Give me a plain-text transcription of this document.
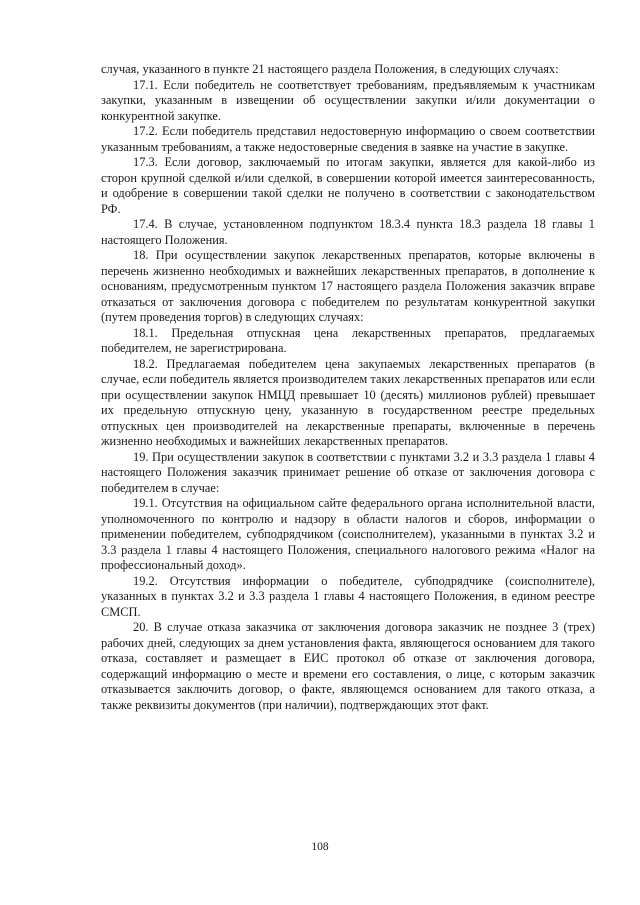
случая, указанного в пункте 21 настоящего раздела Положения, в следующих случаях:

17.1. Если победитель не соответствует требованиям, предъявляемым к участникам закупки, указанным в извещении об осуществлении закупки и/или документации о конкурентной закупке.

17.2. Если победитель представил недостоверную информацию о своем соответствии указанным требованиям, а также недостоверные сведения в заявке на участие в закупке.

17.3. Если договор, заключаемый по итогам закупки, является для какой-либо из сторон крупной сделкой и/или сделкой, в совершении которой имеется заинтересованность, и одобрение в совершении такой сделки не получено в соответствии с законодательством РФ.

17.4. В случае, установленном подпунктом 18.3.4 пункта 18.3 раздела 18 главы 1 настоящего Положения.

18. При осуществлении закупок лекарственных препаратов, которые включены в перечень жизненно необходимых и важнейших лекарственных препаратов, в дополнение к основаниям, предусмотренным пунктом 17 настоящего раздела Положения заказчик вправе отказаться от заключения договора с победителем по результатам конкурентной закупки (путем проведения торгов) в следующих случаях:

18.1. Предельная отпускная цена лекарственных препаратов, предлагаемых победителем, не зарегистрирована.

18.2. Предлагаемая победителем цена закупаемых лекарственных препаратов (в случае, если победитель является производителем таких лекарственных препаратов или если при осуществлении закупок НМЦД превышает 10 (десять) миллионов рублей) превышает их предельную отпускную цену, указанную в государственном реестре предельных отпускных цен производителей на лекарственные препараты, включенные в перечень жизненно необходимых и важнейших лекарственных препаратов.

19. При осуществлении закупок в соответствии с пунктами 3.2 и 3.3 раздела 1 главы 4 настоящего Положения заказчик принимает решение об отказе от заключения договора с победителем в случае:

19.1. Отсутствия на официальном сайте федерального органа исполнительной власти, уполномоченного по контролю и надзору в области налогов и сборов, информации о применении победителем, субподрядчиком (соисполнителем), указанными в пунктах 3.2 и 3.3 раздела 1 главы 4 настоящего Положения, специального налогового режима «Налог на профессиональный доход».

19.2. Отсутствия информации о победителе, субподрядчике (соисполнителе), указанных в пунктах 3.2 и 3.3 раздела 1 главы 4 настоящего Положения, в едином реестре СМСП.

20. В случае отказа заказчика от заключения договора заказчик не позднее 3 (трех) рабочих дней, следующих за днем установления факта, являющегося основанием для такого отказа, составляет и размещает в ЕИС протокол об отказе от заключения договора, содержащий информацию о месте и времени его составления, о лице, с которым заказчик отказывается заключить договор, о факте, являющемся основанием для такого отказа, а также реквизиты документов (при наличии), подтверждающих этот факт.

108
